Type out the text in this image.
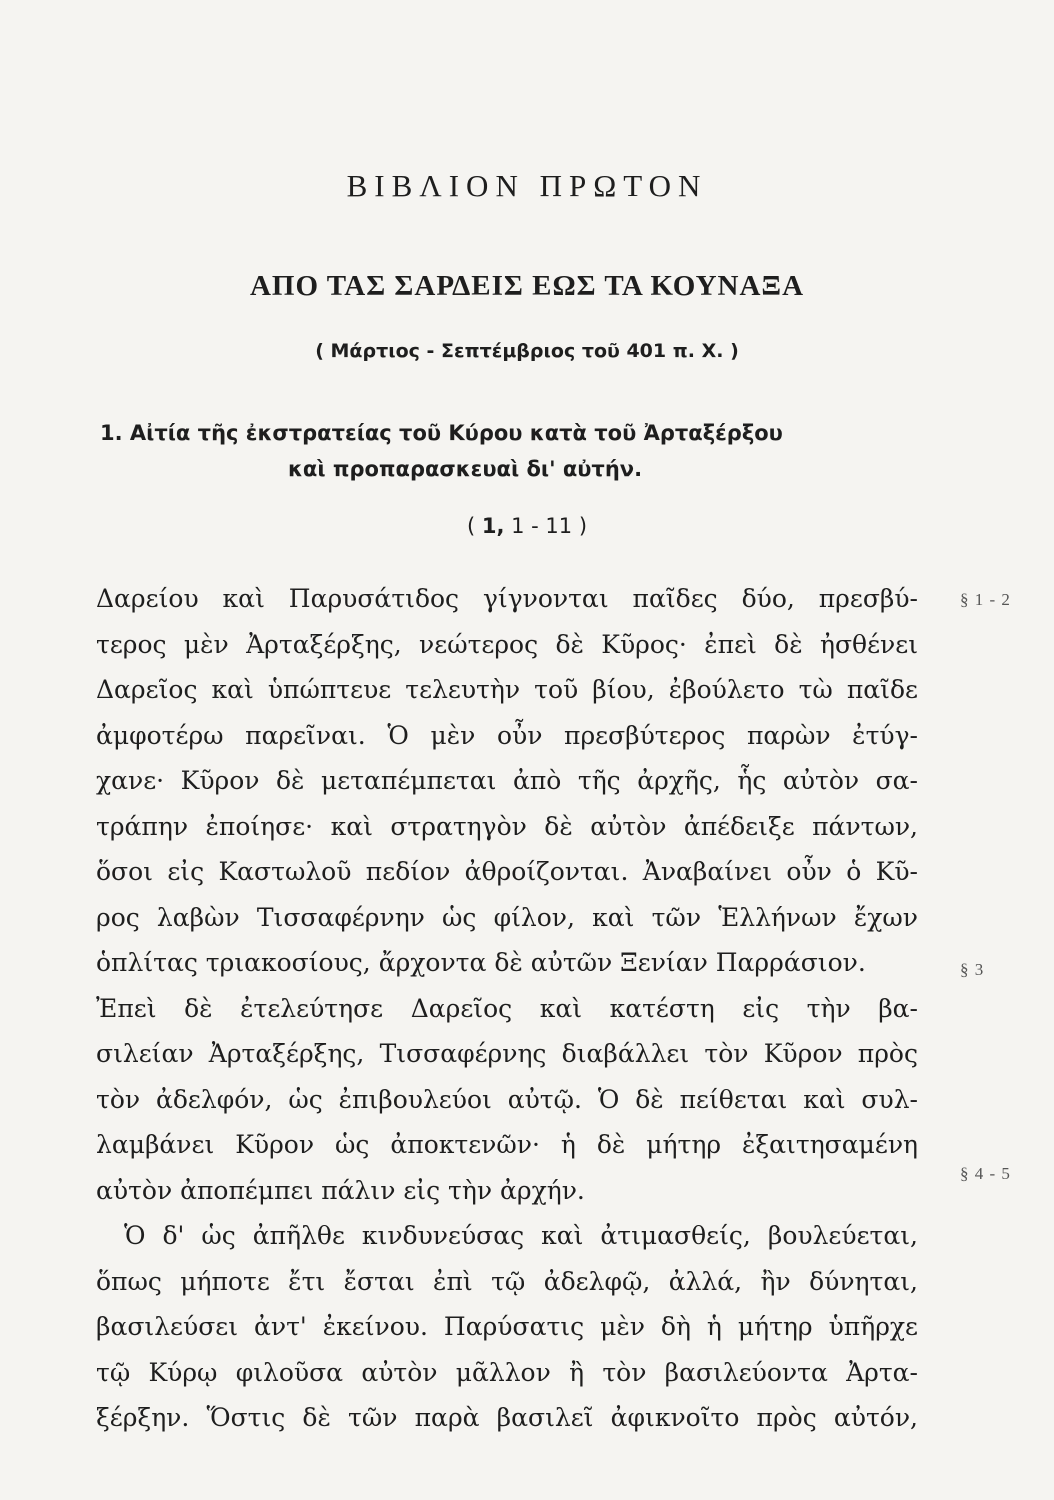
ΒΙΒΛΙΟΝ ΠΡΩΤΟΝ
ΑΠΟ ΤΑΣ ΣΑΡΔΕΙΣ ΕΩΣ ΤΑ ΚΟΥΝΑΞΑ

( Μάρτιος - Σεπτέμβριος τοῦ 401 π. Χ. )

1. Αἰτία τῆς ἐκστρατείας τοῦ Κύρου κατὰ τοῦ Ἀρταξέρξου
καὶ προπαρασκευαὶ δι' αὐτήν.

( 1, 1 - 11 )

Δαρείου καὶ Παρυσάτιδος γίγνονται παῖδες δύο, πρεσβύ-
τερος μὲν Ἀρταξέρξης, νεώτερος δὲ Κῦρος· ἐπεὶ δὲ ἠσθένει
Δαρεῖος καὶ ὑπώπτευε τελευτὴν τοῦ βίου, ἐβούλετο τὼ παῖδε
ἀμφοτέρω παρεῖναι. Ὁ μὲν οὖν πρεσβύτερος παρὼν ἐτύγ-
χανε· Κῦρον δὲ μεταπέμπεται ἀπὸ τῆς ἀρχῆς, ἧς αὐτὸν σα-
τράπην ἐποίησε· καὶ στρατηγὸν δὲ αὐτὸν ἀπέδειξε πάντων,
ὅσοι εἰς Καστωλοῦ πεδίον ἀθροίζονται. Ἀναβαίνει οὖν ὁ Κῦ-
ρος λαβὼν Τισσαφέρνην ὡς φίλον, καὶ τῶν Ἑλλήνων ἔχων
ὁπλίτας τριακοσίους, ἄρχοντα δὲ αὐτῶν Ξενίαν Παρράσιον.
Ἐπεὶ δὲ ἐτελεύτησε Δαρεῖος καὶ κατέστη εἰς τὴν βα-
σιλείαν Ἀρταξέρξης, Τισσαφέρνης διαβάλλει τὸν Κῦρον πρὸς
τὸν ἀδελφόν, ὡς ἐπιβουλεύοι αὐτῷ. Ὁ δὲ πείθεται καὶ συλ-
λαμβάνει Κῦρον ὡς ἀποκτενῶν· ἡ δὲ μήτηρ ἐξαιτησαμένη
αὐτὸν ἀποπέμπει πάλιν εἰς τὴν ἀρχήν.
Ὁ δ' ὡς ἀπῆλθε κινδυνεύσας καὶ ἀτιμασθείς, βουλεύεται,
ὅπως μήποτε ἔτι ἔσται ἐπὶ τῷ ἀδελφῷ, ἀλλά, ἢν δύνηται,
βασιλεύσει ἀντ' ἐκείνου. Παρύσατις μὲν δὴ ἡ μήτηρ ὑπῆρχε
τῷ Κύρῳ φιλοῦσα αὐτὸν μᾶλλον ἢ τὸν βασιλεύοντα Ἀρτα-
ξέρξην. Ὅστις δὲ τῶν παρὰ βασιλεῖ ἀφικνοῖτο πρὸς αὐτόν,
§ 1 - 2
§ 3
§ 4 - 5
